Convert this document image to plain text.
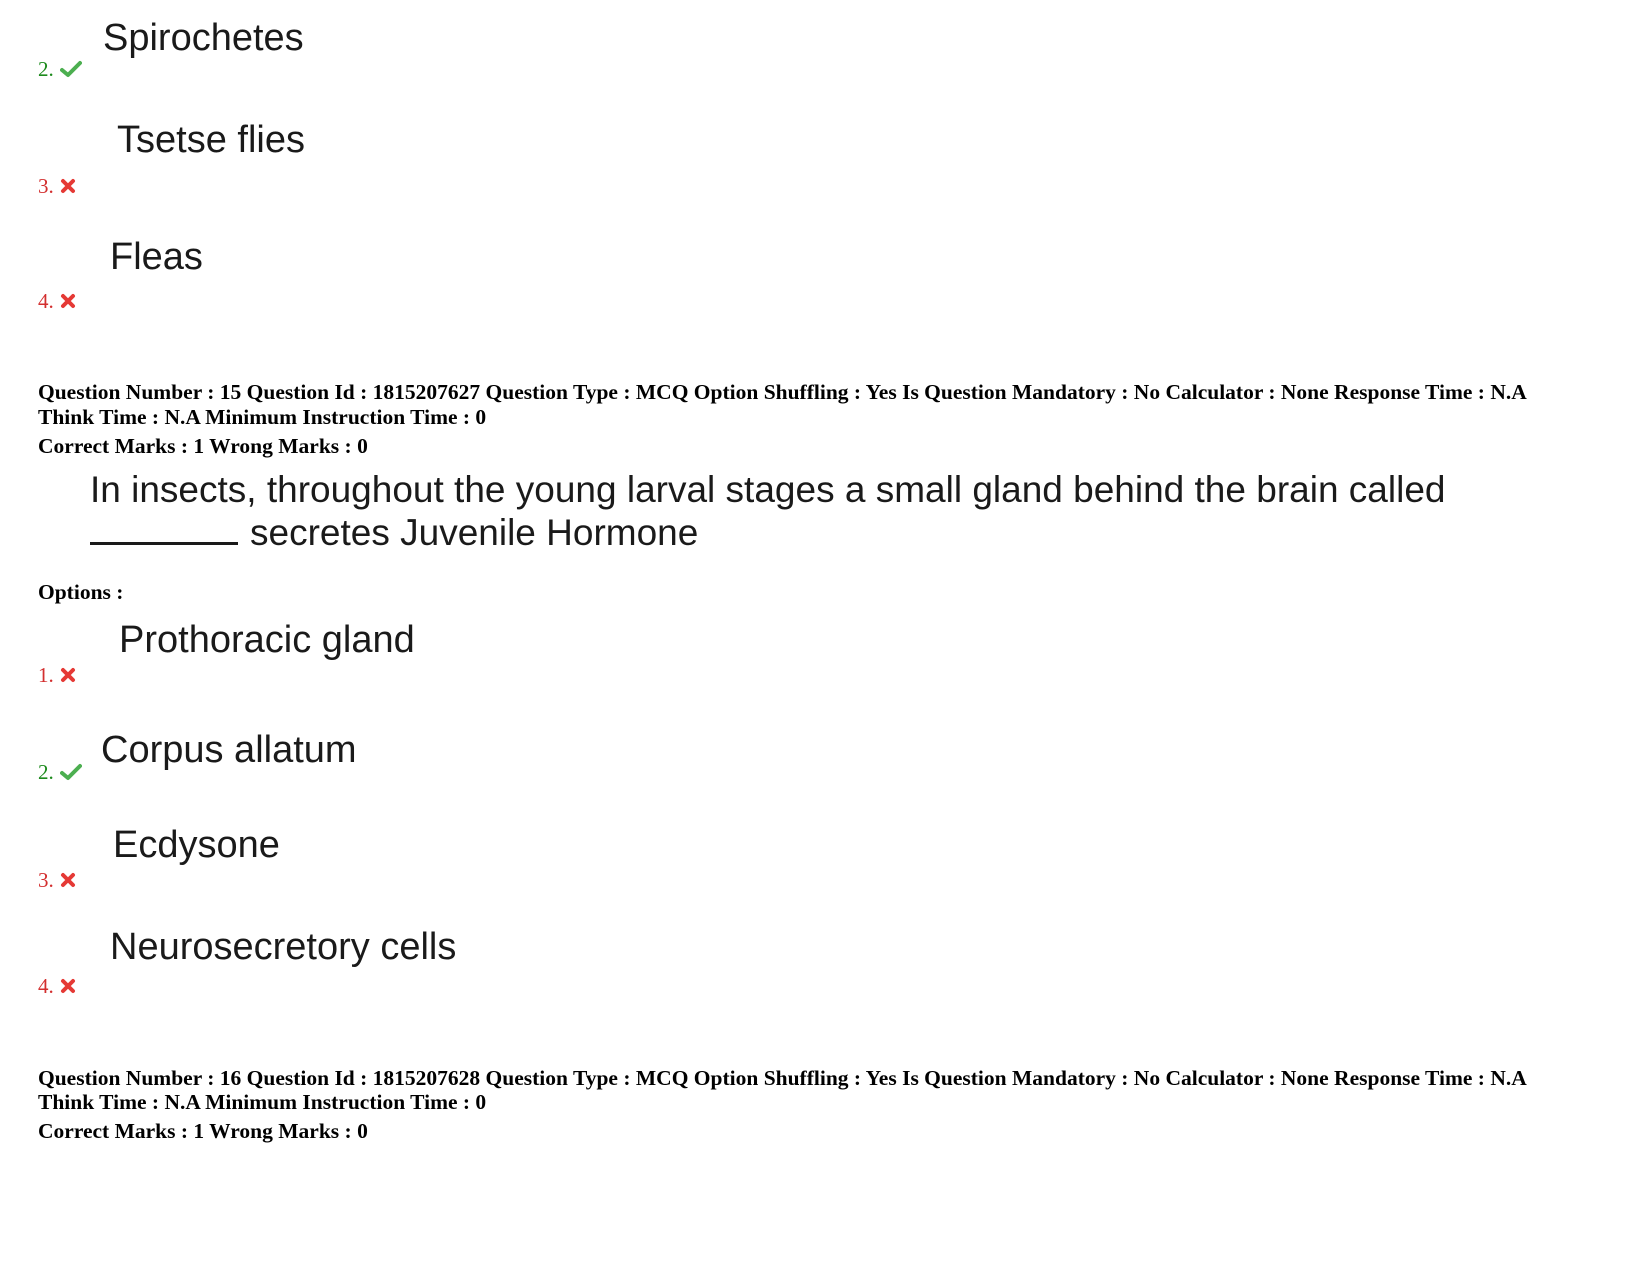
Spirochetes
2.
Tsetse flies
3.
Fleas
4.
Question Number : 15 Question Id : 1815207627 Question Type : MCQ Option Shuffling : Yes Is Question Mandatory : No Calculator : None Response Time : N.A
Think Time : N.A Minimum Instruction Time : 0
Correct Marks : 1 Wrong Marks : 0
In insects, throughout the young larval stages a small gland behind the brain called
secretes Juvenile Hormone
Options :
Prothoracic gland
1.
Corpus allatum
2.
Ecdysone
3.
Neurosecretory cells
4.
Question Number : 16 Question Id : 1815207628 Question Type : MCQ Option Shuffling : Yes Is Question Mandatory : No Calculator : None Response Time : N.A
Think Time : N.A Minimum Instruction Time : 0
Correct Marks : 1 Wrong Marks : 0
